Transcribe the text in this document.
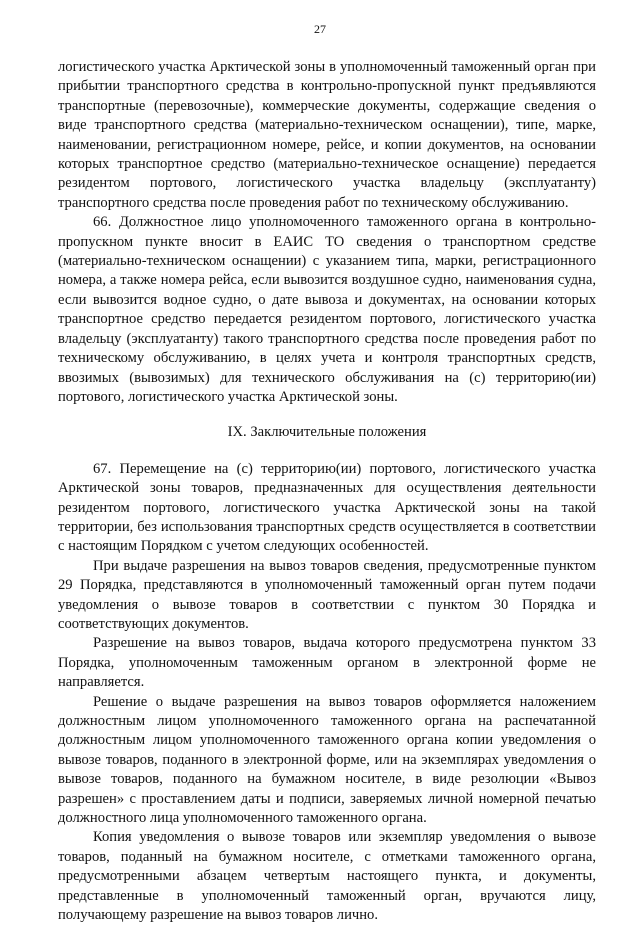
27

логистического участка Арктической зоны в уполномоченный таможенный орган при прибытии транспортного средства в контрольно-пропускной пункт предъявляются транспортные (перевозочные), коммерческие документы, содержащие сведения о виде транспортного средства (материально-техническом оснащении), типе, марке, наименовании, регистрационном номере, рейсе, и копии документов, на основании которых транспортное средство (материально-техническое оснащение) передается резидентом портового, логистического участка владельцу (эксплуатанту) транспортного средства после проведения работ по техническому обслуживанию.

66. Должностное лицо уполномоченного таможенного органа в контрольно-пропускном пункте вносит в ЕАИС ТО сведения о транспортном средстве (материально-техническом оснащении) с указанием типа, марки, регистрационного номера, а также номера рейса, если вывозится воздушное судно, наименования судна, если вывозится водное судно, о дате вывоза и документах, на основании которых транспортное средство передается резидентом портового, логистического участка владельцу (эксплуатанту) такого транспортного средства после проведения работ по техническому обслуживанию, в целях учета и контроля транспортных средств, ввозимых (вывозимых) для технического обслуживания на (с) территорию(ии) портового, логистического участка Арктической зоны.

IX. Заключительные положения

67. Перемещение на (с) территорию(ии) портового, логистического участка Арктической зоны товаров, предназначенных для осуществления деятельности резидентом портового, логистического участка Арктической зоны на такой территории, без использования транспортных средств осуществляется в соответствии с настоящим Порядком с учетом следующих особенностей.

При выдаче разрешения на вывоз товаров сведения, предусмотренные пунктом 29 Порядка, представляются в уполномоченный таможенный орган путем подачи уведомления о вывозе товаров в соответствии с пунктом 30 Порядка и соответствующих документов.

Разрешение на вывоз товаров, выдача которого предусмотрена пунктом 33 Порядка, уполномоченным таможенным органом в электронной форме не направляется.

Решение о выдаче разрешения на вывоз товаров оформляется наложением должностным лицом уполномоченного таможенного органа на распечатанной должностным лицом уполномоченного таможенного органа копии уведомления о вывозе товаров, поданного в электронной форме, или на экземплярах уведомления о вывозе товаров, поданного на бумажном носителе, в виде резолюции «Вывоз разрешен» с проставлением даты и подписи, заверяемых личной номерной печатью должностного лица уполномоченного таможенного органа.

Копия уведомления о вывозе товаров или экземпляр уведомления о вывозе товаров, поданный на бумажном носителе, с отметками таможенного органа, предусмотренными абзацем четвертым настоящего пункта, и документы, представленные в уполномоченный таможенный орган, вручаются лицу, получающему разрешение на вывоз товаров лично.
